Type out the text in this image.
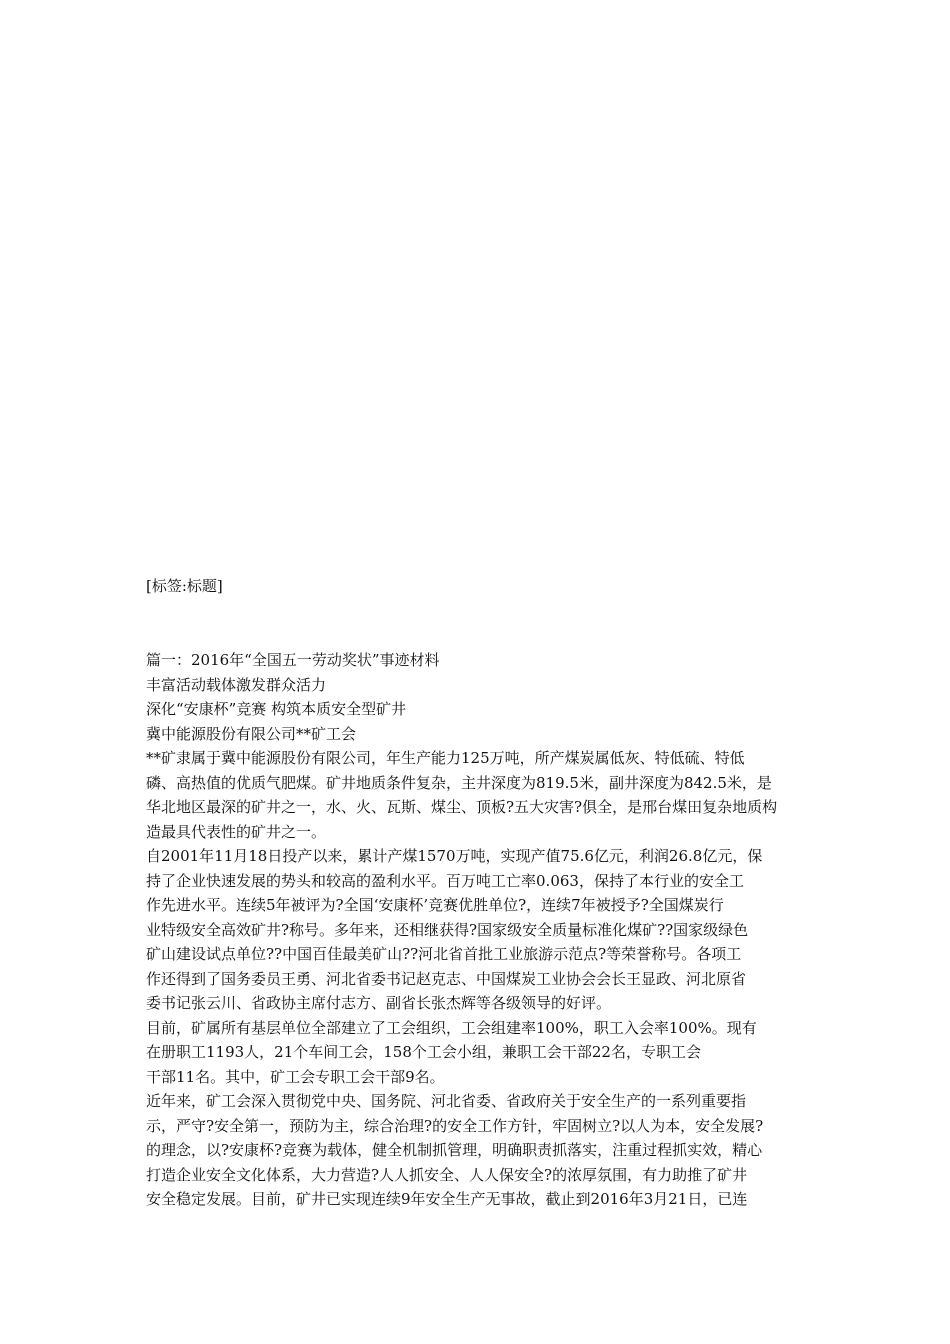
[标签:标题]

篇一：2016年“全国五一劳动奖状”事迹材料
丰富活动载体激发群众活力
深化“安康杯”竞赛 构筑本质安全型矿井
冀中能源股份有限公司**矿工会

**矿隶属于冀中能源股份有限公司，年生产能力125万吨，所产煤炭属低灰、特低硫、特低
磷、高热值的优质气肥煤。矿井地质条件复杂，主井深度为819.5米，副井深度为842.5米，是
华北地区最深的矿井之一，水、火、瓦斯、煤尘、顶板?五大灾害?俱全，是邢台煤田复杂地质构
造最具代表性的矿井之一。

自2001年11月18日投产以来，累计产煤1570万吨，实现产值75.6亿元，利润26.8亿元，保
持了企业快速发展的势头和较高的盈利水平。百万吨工亡率0.063，保持了本行业的安全工
作先进水平。连续5年被评为?全国‘安康杯’竞赛优胜单位?，连续7年被授予?全国煤炭行
业特级安全高效矿井?称号。多年来，还相继获得?国家级安全质量标准化煤矿??国家级绿色
矿山建设试点单位??中国百佳最美矿山??河北省首批工业旅游示范点?等荣誉称号。各项工
作还得到了国务委员王勇、河北省委书记赵克志、中国煤炭工业协会会长王显政、河北原省
委书记张云川、省政协主席付志方、副省长张杰辉等各级领导的好评。

目前，矿属所有基层单位全部建立了工会组织，工会组建率100%，职工入会率100%。现有
在册职工1193人，21个车间工会，158个工会小组，兼职工会干部22名，专职工会
干部11名。其中，矿工会专职工会干部9名。

近年来，矿工会深入贯彻党中央、国务院、河北省委、省政府关于安全生产的一系列重要指
示，严守?安全第一，预防为主，综合治理?的安全工作方针，牢固树立?以人为本，安全发展?
的理念，以?安康杯?竞赛为载体，健全机制抓管理，明确职责抓落实，注重过程抓实效，精心
打造企业安全文化体系，大力营造?人人抓安全、人人保安全?的浓厚氛围，有力助推了矿井
安全稳定发展。目前，矿井已实现连续9年安全生产无事故，截止到2016年3月21日，已连
